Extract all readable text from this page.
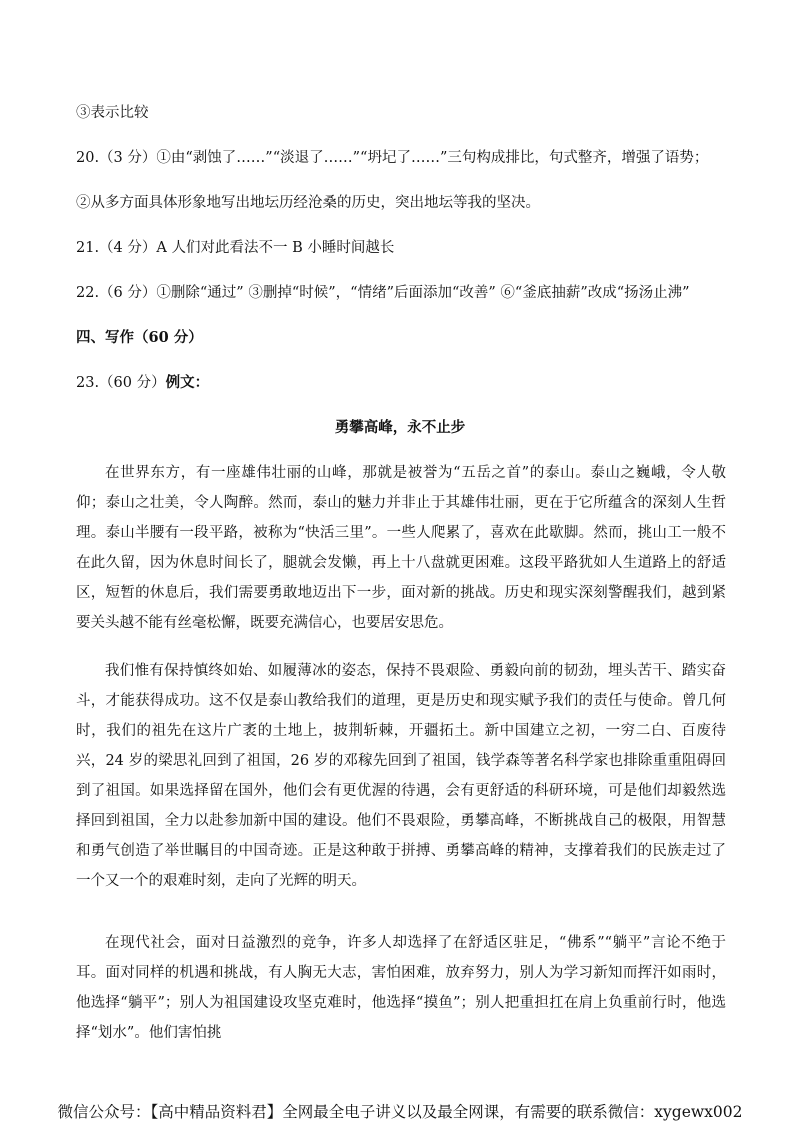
③表示比较
20.（3 分）①由“剥蚀了……”“淡退了……”“坍圮了……”三句构成排比，句式整齐，增强了语势；
②从多方面具体形象地写出地坛历经沧桑的历史，突出地坛等我的坚决。
21.（4 分）A 人们对此看法不一 B 小睡时间越长
22.（6 分）①删除“通过” ③删掉“时候”，“情绪”后面添加“改善” ⑥“釜底抽薪”改成“扬汤止沸”
四、写作（60 分）
23.（60 分）例文：
勇攀高峰，永不止步
在世界东方，有一座雄伟壮丽的山峰，那就是被誉为“五岳之首”的泰山。泰山之巍峨，令人敬仰；泰山之壮美，令人陶醉。然而，泰山的魅力并非止于其雄伟壮丽，更在于它所蕴含的深刻人生哲理。泰山半腰有一段平路，被称为“快活三里”。一些人爬累了，喜欢在此歇脚。然而，挑山工一般不在此久留，因为休息时间长了，腿就会发懒，再上十八盘就更困难。这段平路犹如人生道路上的舒适区，短暂的休息后，我们需要勇敢地迈出下一步，面对新的挑战。历史和现实深刻警醒我们，越到紧要关头越不能有丝毫松懈，既要充满信心，也要居安思危。
我们惟有保持慎终如始、如履薄冰的姿态，保持不畏艰险、勇毅向前的韧劲，埋头苦干、踏实奋斗，才能获得成功。这不仅是泰山教给我们的道理，更是历史和现实赋予我们的责任与使命。曾几何时，我们的祖先在这片广袤的土地上，披荆斩棘，开疆拓土。新中国建立之初，一穷二白、百废待兴，24 岁的梁思礼回到了祖国，26 岁的邓稼先回到了祖国，钱学森等著名科学家也排除重重阻碍回到了祖国。如果选择留在国外，他们会有更优渥的待遇，会有更舒适的科研环境，可是他们却毅然选择回到祖国，全力以赴参加新中国的建设。他们不畏艰险，勇攀高峰，不断挑战自己的极限，用智慧和勇气创造了举世瞩目的中国奇迹。正是这种敢于拼搏、勇攀高峰的精神，支撑着我们的民族走过了一个又一个的艰难时刻，走向了光辉的明天。
在现代社会，面对日益激烈的竞争，许多人却选择了在舒适区驻足，“佛系”“躺平”言论不绝于耳。面对同样的机遇和挑战，有人胸无大志，害怕困难，放弃努力，别人为学习新知而挥汗如雨时，他选择“躺平”；别人为祖国建设攻坚克难时，他选择“摸鱼”；别人把重担扛在肩上负重前行时，他选择“划水”。他们害怕挑
微信公众号：【高中精品资料君】全网最全电子讲义以及最全网课，有需要的联系微信：xygewx002
